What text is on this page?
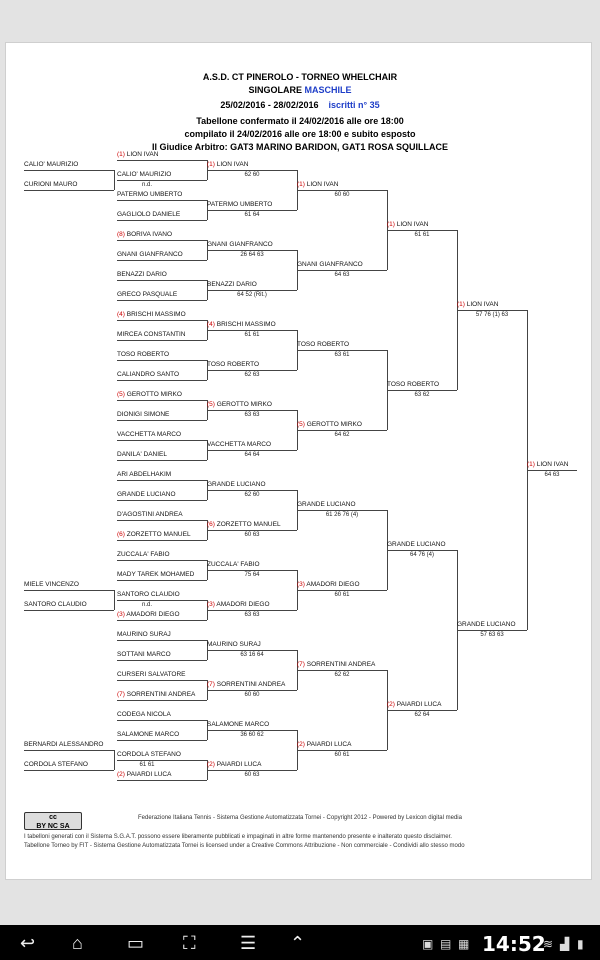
A.S.D. CT PINEROLO - TORNEO WHELCHAIR
SINGOLARE MASCHILE
25/02/2016 - 28/02/2016 iscritti n° 35
Tabellone confermato il 24/02/2016 alle ore 18:00
compilato il 24/02/2016 alle ore 18:00 e subito esposto
Il Giudice Arbitro: GAT3 MARINO BARIDON, GAT1 ROSA SQUILLACE
CALIO' MAURIZIO
CURIONI MAURO	n.d.
MIELE VINCENZO
SANTORO CLAUDIO	n.d.
BERNARDI ALESSANDRO
CORDOLA STEFANO	61 61
(1) LION IVAN
CALIO' MAURIZIO
PATERMO UMBERTO
GAGLIOLO DANIELE
(8) BORIVA IVANO
GNANI GIANFRANCO
BENAZZI DARIO
GRECO PASQUALE
(4) BRISCHI MASSIMO
MIRCEA CONSTANTIN
TOSO ROBERTO
CALIANDRO SANTO
(5) GEROTTO MIRKO
DIONIGI SIMONE
VACCHETTA MARCO
DANILA' DANIEL
ARI ABDELHAKIM
GRANDE LUCIANO
D'AGOSTINI ANDREA
(6) ZORZETTO MANUEL
ZUCCALA' FABIO
MADY TAREK MOHAMED
SANTORO CLAUDIO
(3) AMADORI DIEGO
MAURINO SURAJ
SOTTANI MARCO
CURSERI SALVATORE
(7) SORRENTINI ANDREA
CODEGA NICOLA
SALAMONE MARCO
CORDOLA STEFANO
(2) PAIARDI LUCA
(1) LION IVAN
62 60
PATERMO UMBERTO
61 64
GNANI GIANFRANCO
26 64 63
BENAZZI DARIO
64 52 (Rit.)
(4) BRISCHI MASSIMO
61 61
TOSO ROBERTO
62 63
(5) GEROTTO MIRKO
63 63
VACCHETTA MARCO
64 64
GRANDE LUCIANO
62 60
(6) ZORZETTO MANUEL
60 63
ZUCCALA' FABIO
75 64
(3) AMADORI DIEGO
63 63
MAURINO SURAJ
63 16 64
(7) SORRENTINI ANDREA
60 60
SALAMONE MARCO
36 60 62
(2) PAIARDI LUCA
60 63
(1) LION IVAN
60 60
GNANI GIANFRANCO
64 63
TOSO ROBERTO
63 61
(5) GEROTTO MIRKO
64 62
GRANDE LUCIANO
61 26 76 (4)
(3) AMADORI DIEGO
60 61
(7) SORRENTINI ANDREA
62 62
(2) PAIARDI LUCA
60 61
(1) LION IVAN
61 61
TOSO ROBERTO
63 62
GRANDE LUCIANO
64 76 (4)
(2) PAIARDI LUCA
62 64
(1) LION IVAN
57 76 (1) 63
GRANDE LUCIANO
57 63 63
(1) LION IVAN
64 63
cc
BY NC SA
Federazione Italiana Tennis - Sistema Gestione Automatizzata Tornei - Copyright 2012 - Powered by Lexicon digital media
I tabelloni generati con il Sistema S.G.A.T. possono essere liberamente pubblicati e impaginati in altre forme mantenendo presente e inalterato questo disclaimer.
Tabellone Torneo by FIT - Sistema Gestione Automatizzata Tornei is licensed under a Creative Commons Attribuzione - Non commerciale - Condividi allo stesso modo
↩ ⌂ ▭ ⛶ ☰ ⌃	▣ ▤ ▦ 14:52
≋ ▟ ▮
